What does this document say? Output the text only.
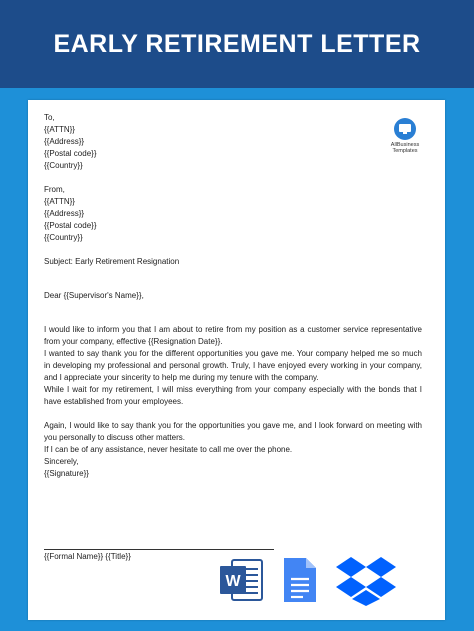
EARLY RETIREMENT LETTER
AllBusiness
Templates

To,

{{ATTN}}

{{Address}}

{{Postal code}}

{{Country}}

From,

{{ATTN}}

{{Address}}

{{Postal code}}

{{Country}}

Subject: Early Retirement Resignation

Dear {{Supervisor's Name}},

I would like to inform you that I am about to retire from my position as a customer service representative from your company, effective {{Resignation Date}}.

I wanted to say thank you for the different opportunities you gave me. Your company helped me so much in developing my professional and personal growth. Truly, I have enjoyed every working in your company, and I appreciate your sincerity to help me during my tenure with the company.

While I wait for my retirement, I will miss everything from your company especially with the bonds that I have established from your employees.

Again, I would like to say thank you for the opportunities you gave me, and I look forward on meeting with you personally to discuss other matters.

If I can be of any assistance, never hesitate to call me over the phone.

Sincerely,

{{Signature}}

{{Formal Name}} {{Title}}
W
